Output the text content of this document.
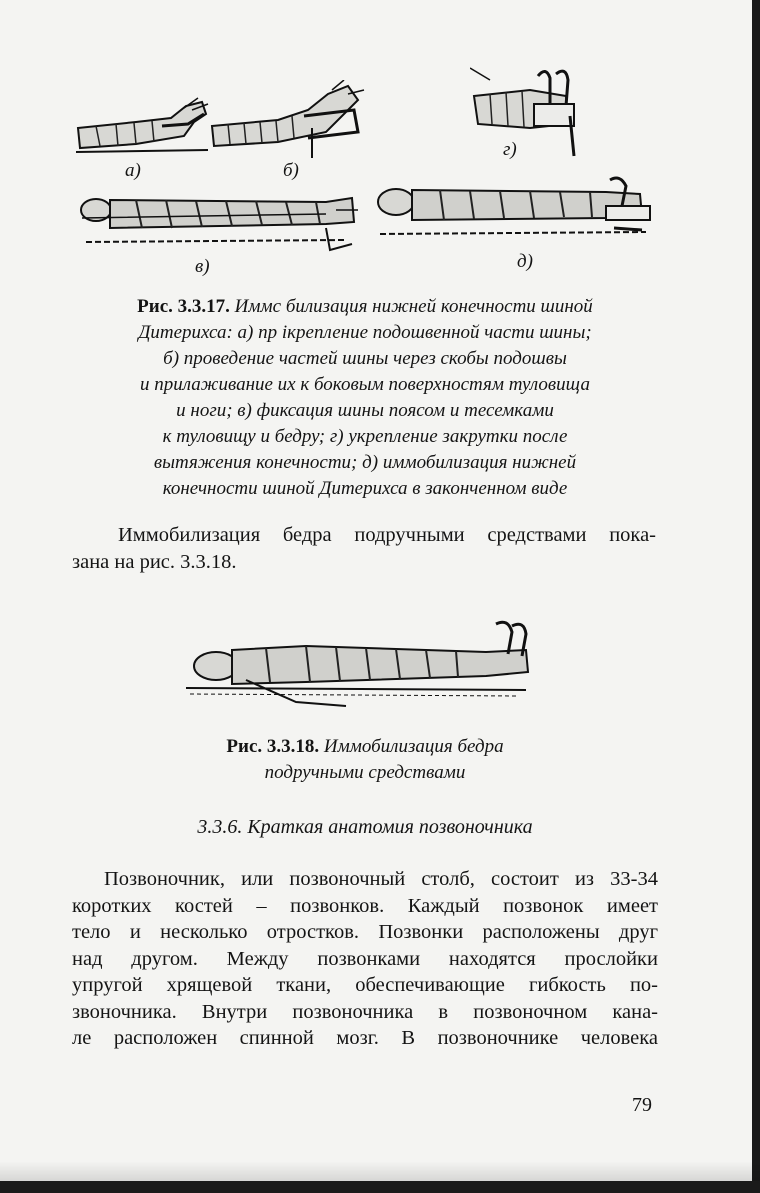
а)	б)
г)
в)	д)
Рис. 3.3.17. Иммс билизация нижней конечности шиной
Дитерихса: а) пр ікрепление подошвенной части шины;
б) проведение частей шины через скобы подошвы
и прилаживание их к боковым поверхностям туловища
и ноги; в) фиксация шины поясом и тесемками
к туловищу и бедру; г) укрепление закрутки после
вытяжения конечности; д) иммобилизация нижней
конечности шиной Дитерихса в законченном виде
Иммобилизация бедра подручными средствами пока-
зана на рис. 3.3.18.
Рис. 3.3.18. Иммобилизация бедра
подручными средствами
3.3.6. Краткая анатомия позвоночника
Позвоночник, или позвоночный столб, состоит из 33-34
коротких костей – позвонков. Каждый позвонок имеет
тело и несколько отростков. Позвонки расположены друг
над другом. Между позвонками находятся прослойки
упругой хрящевой ткани, обеспечивающие гибкость по-
звоночника. Внутри позвоночника в позвоночном кана-
ле расположен спинной мозг. В позвоночнике человека
79
